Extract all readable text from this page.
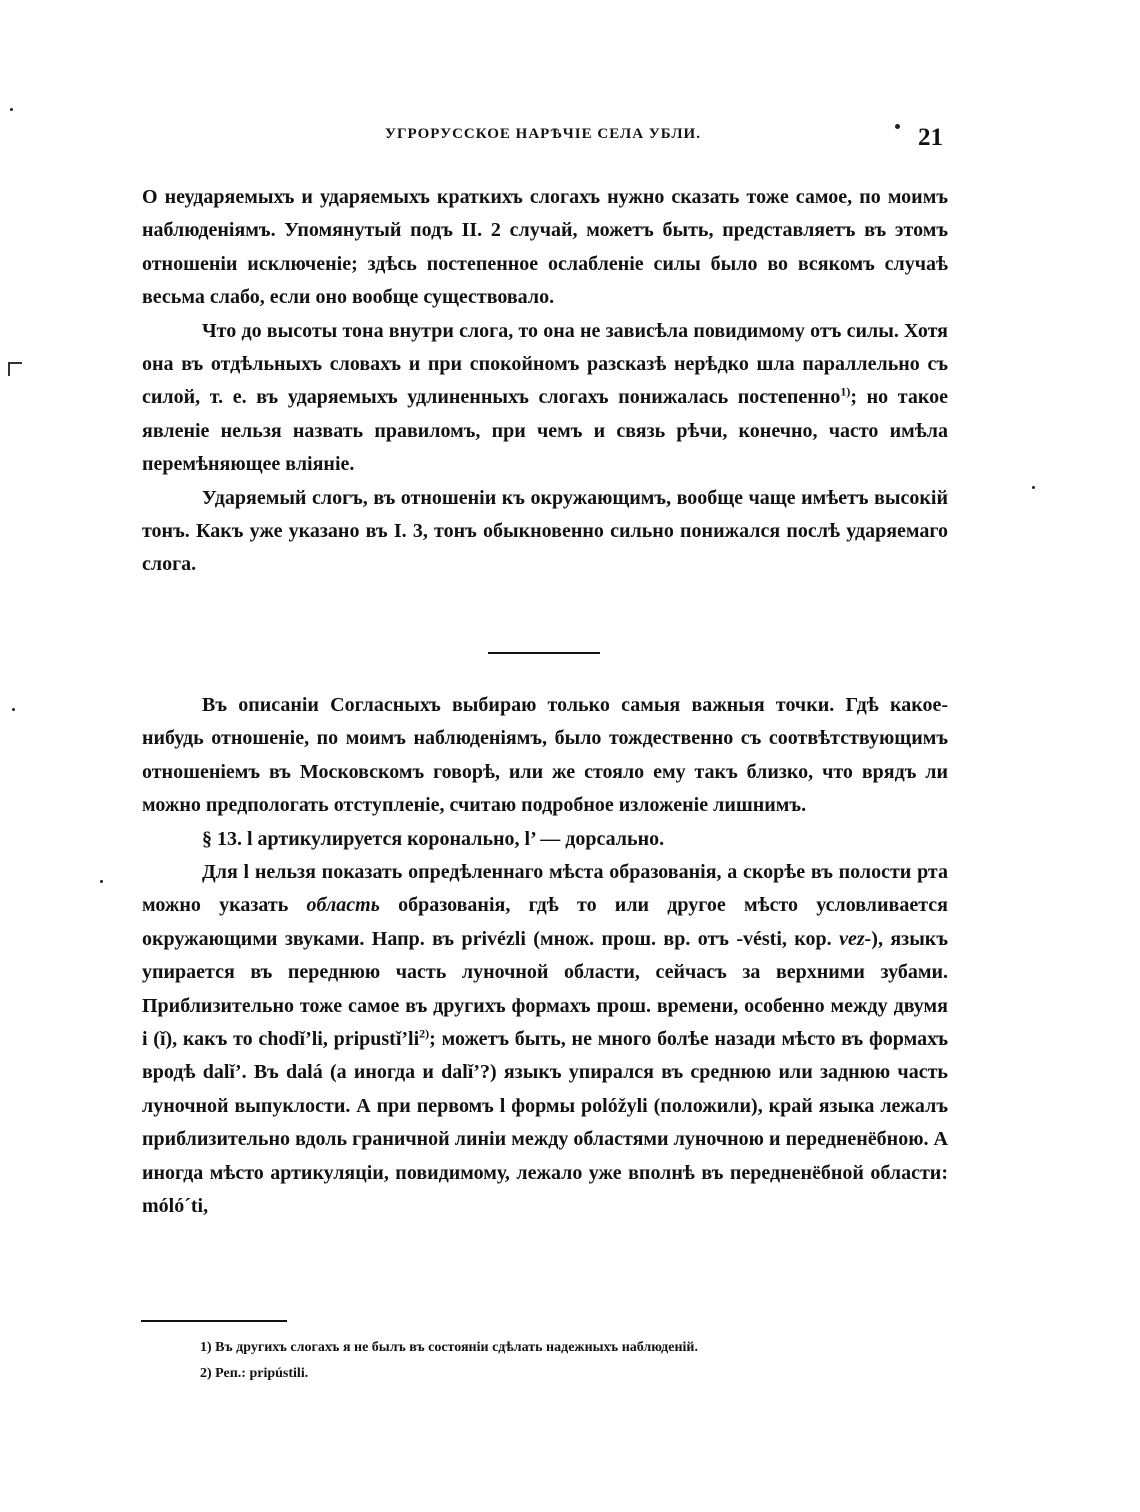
УГРОРУССКОЕ НАРѢЧІЕ СЕЛА УБЛИ.	21

О неударяемыхъ и ударяемыхъ краткихъ слогахъ нужно сказать тоже самое, по моимъ наблюденіямъ. Упомянутый подъ II. 2 случай, можетъ быть, представляетъ въ этомъ отношеніи исключеніе; здѣсь постепенное ослабленіе силы было во всякомъ случаѣ весьма слабо, если оно вообще существовало.

Что до высоты тона внутри слога, то она не зависѣла повидимому отъ силы. Хотя она въ отдѣльныхъ словахъ и при спокойномъ разсказѣ нерѣдко шла параллельно съ силой, т. е. въ ударяемыхъ удлиненныхъ слогахъ понижалась постепенно$^{1)}$; но такое явленіе нельзя назвать правиломъ, при чемъ и связь рѣчи, конечно, часто имѣла перемѣняющее вліяніе.

Ударяемый слогъ, въ отношеніи къ окружающимъ, вообще чаще имѣетъ высокій тонъ. Какъ уже указано въ I. 3, тонъ обыкновенно сильно понижался послѣ ударяемаго слога.

Въ описаніи Согласныхъ выбираю только самыя важныя точки. Гдѣ какое-нибудь отношеніе, по моимъ наблюденіямъ, было тождественно съ соотвѣтствующимъ отношеніемъ въ Московскомъ говорѣ, или же стояло ему такъ близко, что врядъ ли можно предпологать отступленіе, считаю подробное изложеніе лишнимъ.

§ 13. l артикулируется коронально, l’ — дорсально.

Для l нельзя показать опредѣленнаго мѣста образованія, а скорѣе въ полости рта можно указать область образованія, гдѣ то или другое мѣсто условливается окружающими звуками. Напр. въ privézli (множ. прош. вр. отъ -vésti, кор. vez-), языкъ упирается въ переднюю часть луночной области, сейчасъ за верхними зубами. Приблизительно тоже самое въ другихъ формахъ прош. времени, особенно между двумя i (ǐ), какъ то chodǐ’li, $pripustǐ’li^{2)}$; можетъ быть, не много болѣе назади мѣсто въ формахъ вродѣ dalǐ’. Въ dalá (а иногда и dalǐ’?) языкъ упирался въ среднюю или заднюю часть луночной выпуклости. А при первомъ l формы polóžyli (положили), край языка лежалъ приблизительно вдоль граничной линіи между областями луночною и передненёбною. А иногда мѣсто артикуляціи, повидимому, лежало уже вполнѣ въ передненёбной области: mólóˊti,

1) Въ другихъ слогахъ я не былъ въ состояніи сдѣлать надежныхъ наблюденій.
2) Реп.: pripústili.
